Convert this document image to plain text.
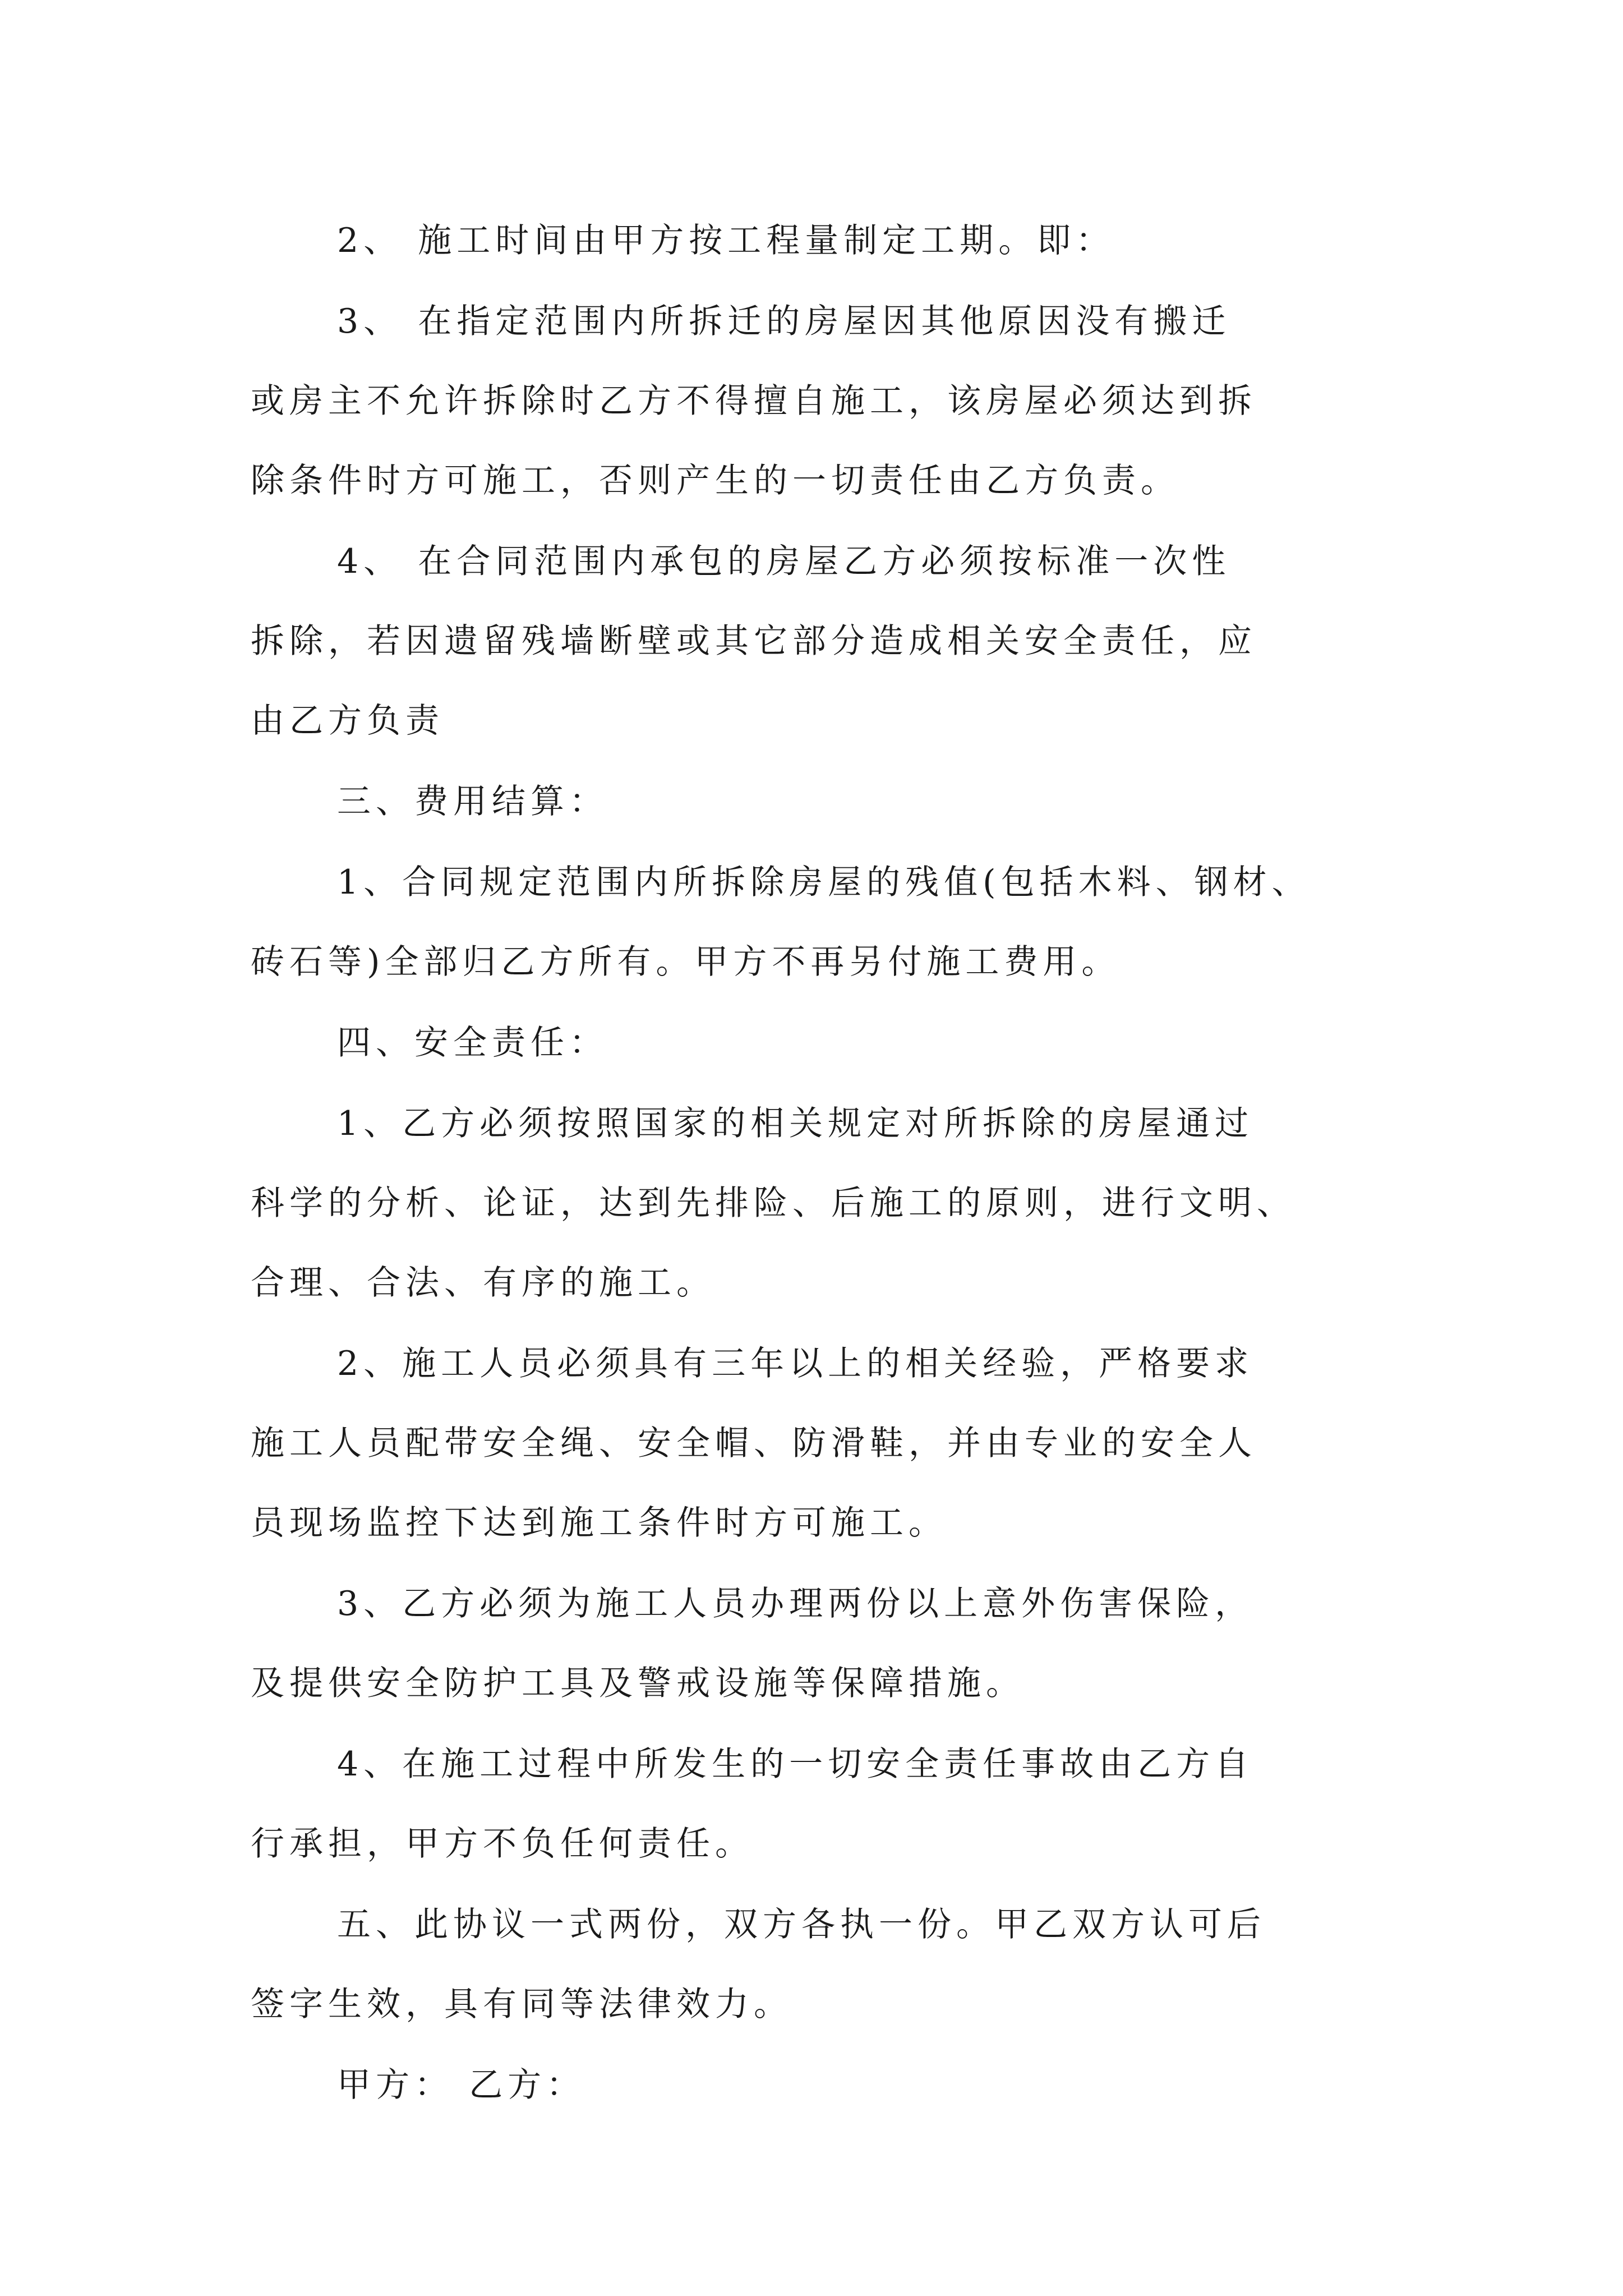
2、 施工时间由甲方按工程量制定工期。即：

3、 在指定范围内所拆迁的房屋因其他原因没有搬迁
或房主不允许拆除时乙方不得擅自施工，该房屋必须达到拆
除条件时方可施工，否则产生的一切责任由乙方负责。

4、 在合同范围内承包的房屋乙方必须按标准一次性
拆除，若因遗留残墙断壁或其它部分造成相关安全责任，应
由乙方负责

三、费用结算：

1、合同规定范围内所拆除房屋的残值(包括木料、钢材、
砖石等)全部归乙方所有。甲方不再另付施工费用。

四、安全责任：

1、乙方必须按照国家的相关规定对所拆除的房屋通过
科学的分析、论证，达到先排险、后施工的原则，进行文明、
合理、合法、有序的施工。

2、施工人员必须具有三年以上的相关经验，严格要求
施工人员配带安全绳、安全帽、防滑鞋，并由专业的安全人
员现场监控下达到施工条件时方可施工。

3、乙方必须为施工人员办理两份以上意外伤害保险，
及提供安全防护工具及警戒设施等保障措施。

4、在施工过程中所发生的一切安全责任事故由乙方自
行承担，甲方不负任何责任。

五、此协议一式两份，双方各执一份。甲乙双方认可后
签字生效，具有同等法律效力。

甲方： 乙方：
